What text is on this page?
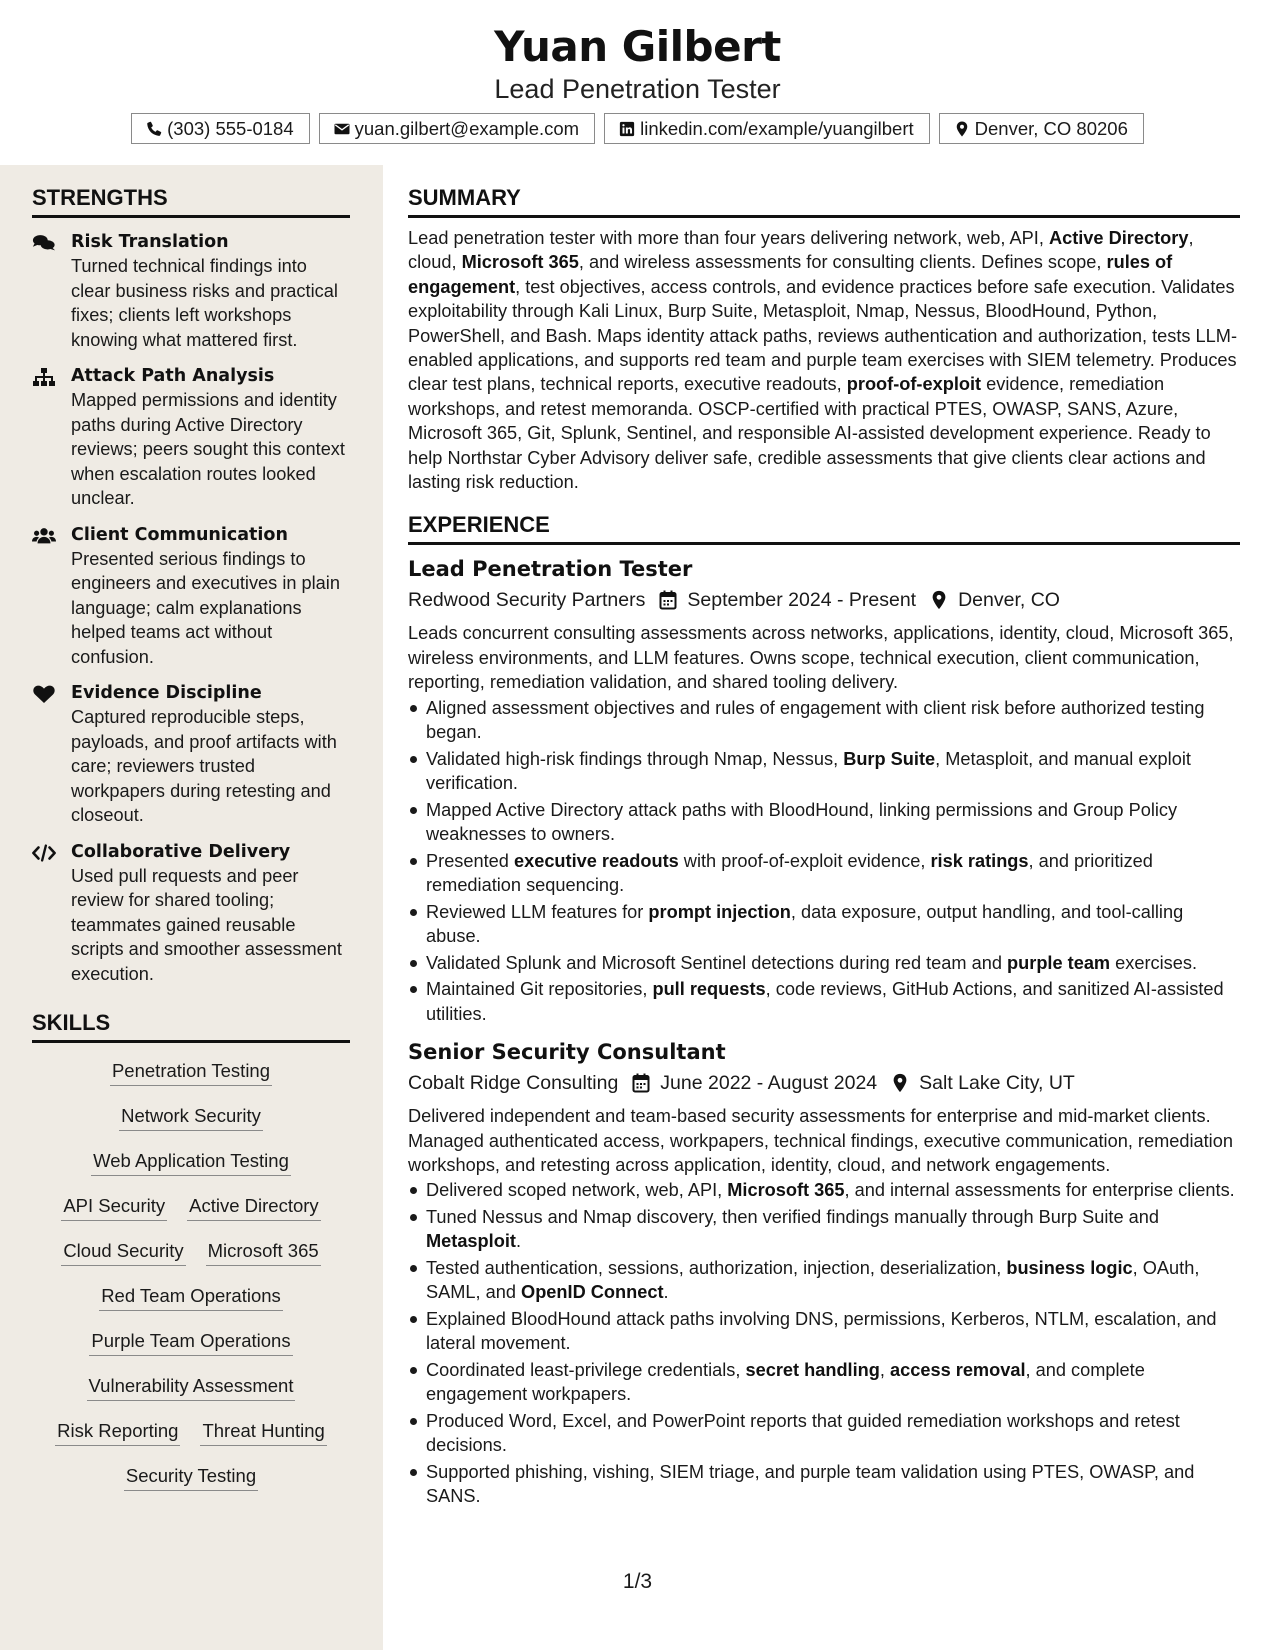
Yuan Gilbert
Lead Penetration Tester
(303) 555-0184	yuan.gilbert@example.com	linkedin.com/example/yuangilbert	Denver, CO 80206
STRENGTHS
Risk Translation
Turned technical findings into clear business risks and practical fixes; clients left workshops knowing what mattered first.
Attack Path Analysis
Mapped permissions and identity paths during Active Directory reviews; peers sought this context when escalation routes looked unclear.
Client Communication
Presented serious findings to engineers and executives in plain language; calm explanations helped teams act without confusion.
Evidence Discipline
Captured reproducible steps, payloads, and proof artifacts with care; reviewers trusted workpapers during retesting and closeout.
Collaborative Delivery
Used pull requests and peer review for shared tooling; teammates gained reusable scripts and smoother assessment execution.
SKILLS
Penetration Testing
Network Security
Web Application Testing
API Security Active Directory
Cloud Security Microsoft 365
Red Team Operations
Purple Team Operations
Vulnerability Assessment
Risk Reporting Threat Hunting
Security Testing
SUMMARY
Lead penetration tester with more than four years delivering network, web, API, Active Directory, cloud, Microsoft 365, and wireless assessments for consulting clients. Defines scope, rules of engagement, test objectives, access controls, and evidence practices before safe execution. Validates exploitability through Kali Linux, Burp Suite, Metasploit, Nmap, Nessus, BloodHound, Python, PowerShell, and Bash. Maps identity attack paths, reviews authentication and authorization, tests LLM-enabled applications, and supports red team and purple team exercises with SIEM telemetry. Produces clear test plans, technical reports, executive readouts, proof-of-exploit evidence, remediation workshops, and retest memoranda. OSCP-certified with practical PTES, OWASP, SANS, Azure, Microsoft 365, Git, Splunk, Sentinel, and responsible AI-assisted development experience. Ready to help Northstar Cyber Advisory deliver safe, credible assessments that give clients clear actions and lasting risk reduction.
EXPERIENCE
Lead Penetration Tester
Redwood Security Partners September 2024 - Present Denver, CO
Leads concurrent consulting assessments across networks, applications, identity, cloud, Microsoft 365, wireless environments, and LLM features. Owns scope, technical execution, client communication, reporting, remediation validation, and shared tooling delivery.
Aligned assessment objectives and rules of engagement with client risk before authorized testing began.
Validated high-risk findings through Nmap, Nessus, Burp Suite, Metasploit, and manual exploit verification.
Mapped Active Directory attack paths with BloodHound, linking permissions and Group Policy weaknesses to owners.
Presented executive readouts with proof-of-exploit evidence, risk ratings, and prioritized remediation sequencing.
Reviewed LLM features for prompt injection, data exposure, output handling, and tool-calling abuse.
Validated Splunk and Microsoft Sentinel detections during red team and purple team exercises.
Maintained Git repositories, pull requests, code reviews, GitHub Actions, and sanitized AI-assisted utilities.
Senior Security Consultant
Cobalt Ridge Consulting June 2022 - August 2024 Salt Lake City, UT
Delivered independent and team-based security assessments for enterprise and mid-market clients. Managed authenticated access, workpapers, technical findings, executive communication, remediation workshops, and retesting across application, identity, cloud, and network engagements.
Delivered scoped network, web, API, Microsoft 365, and internal assessments for enterprise clients.
Tuned Nessus and Nmap discovery, then verified findings manually through Burp Suite and Metasploit.
Tested authentication, sessions, authorization, injection, deserialization, business logic, OAuth, SAML, and OpenID Connect.
Explained BloodHound attack paths involving DNS, permissions, Kerberos, NTLM, escalation, and lateral movement.
Coordinated least-privilege credentials, secret handling, access removal, and complete engagement workpapers.
Produced Word, Excel, and PowerPoint reports that guided remediation workshops and retest decisions.
Supported phishing, vishing, SIEM triage, and purple team validation using PTES, OWASP, and SANS.
1/3
